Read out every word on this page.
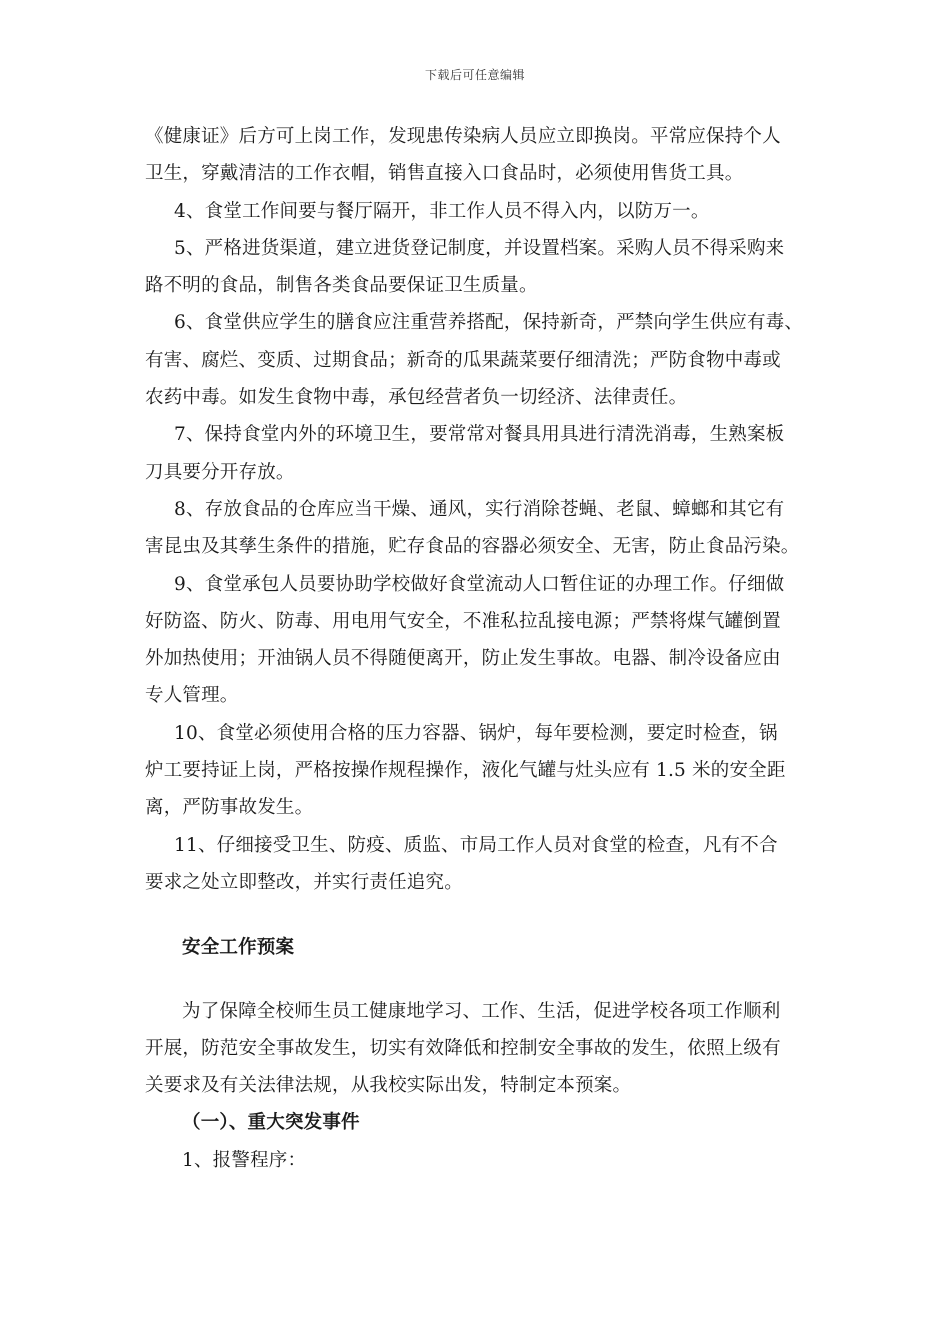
下载后可任意编辑
《健康证》后方可上岗工作，发现患传染病人员应立即换岗。平常应保持个人
卫生，穿戴清洁的工作衣帽，销售直接入口食品时，必须使用售货工具。
4、食堂工作间要与餐厅隔开，非工作人员不得入内，以防万一。
5、严格进货渠道，建立进货登记制度，并设置档案。采购人员不得采购来
路不明的食品，制售各类食品要保证卫生质量。
6、食堂供应学生的膳食应注重营养搭配，保持新奇，严禁向学生供应有毒、
有害、腐烂、变质、过期食品；新奇的瓜果蔬菜要仔细清洗；严防食物中毒或
农药中毒。如发生食物中毒，承包经营者负一切经济、法律责任。
7、保持食堂内外的环境卫生，要常常对餐具用具进行清洗消毒，生熟案板
刀具要分开存放。
8、存放食品的仓库应当干燥、通风，实行消除苍蝇、老鼠、蟑螂和其它有
害昆虫及其孳生条件的措施，贮存食品的容器必须安全、无害，防止食品污染。
9、食堂承包人员要协助学校做好食堂流动人口暂住证的办理工作。仔细做
好防盗、防火、防毒、用电用气安全，不准私拉乱接电源；严禁将煤气罐倒置
外加热使用；开油锅人员不得随便离开，防止发生事故。电器、制冷设备应由
专人管理。
10、食堂必须使用合格的压力容器、锅炉，每年要检测，要定时检查，锅
炉工要持证上岗，严格按操作规程操作，液化气罐与灶头应有 1.5 米的安全距
离，严防事故发生。
11、仔细接受卫生、防疫、质监、市局工作人员对食堂的检查，凡有不合
要求之处立即整改，并实行责任追究。
安全工作预案
为了保障全校师生员工健康地学习、工作、生活，促进学校各项工作顺利
开展，防范安全事故发生，切实有效降低和控制安全事故的发生，依照上级有
关要求及有关法律法规，从我校实际出发，特制定本预案。
（一）、重大突发事件
1、报警程序：
